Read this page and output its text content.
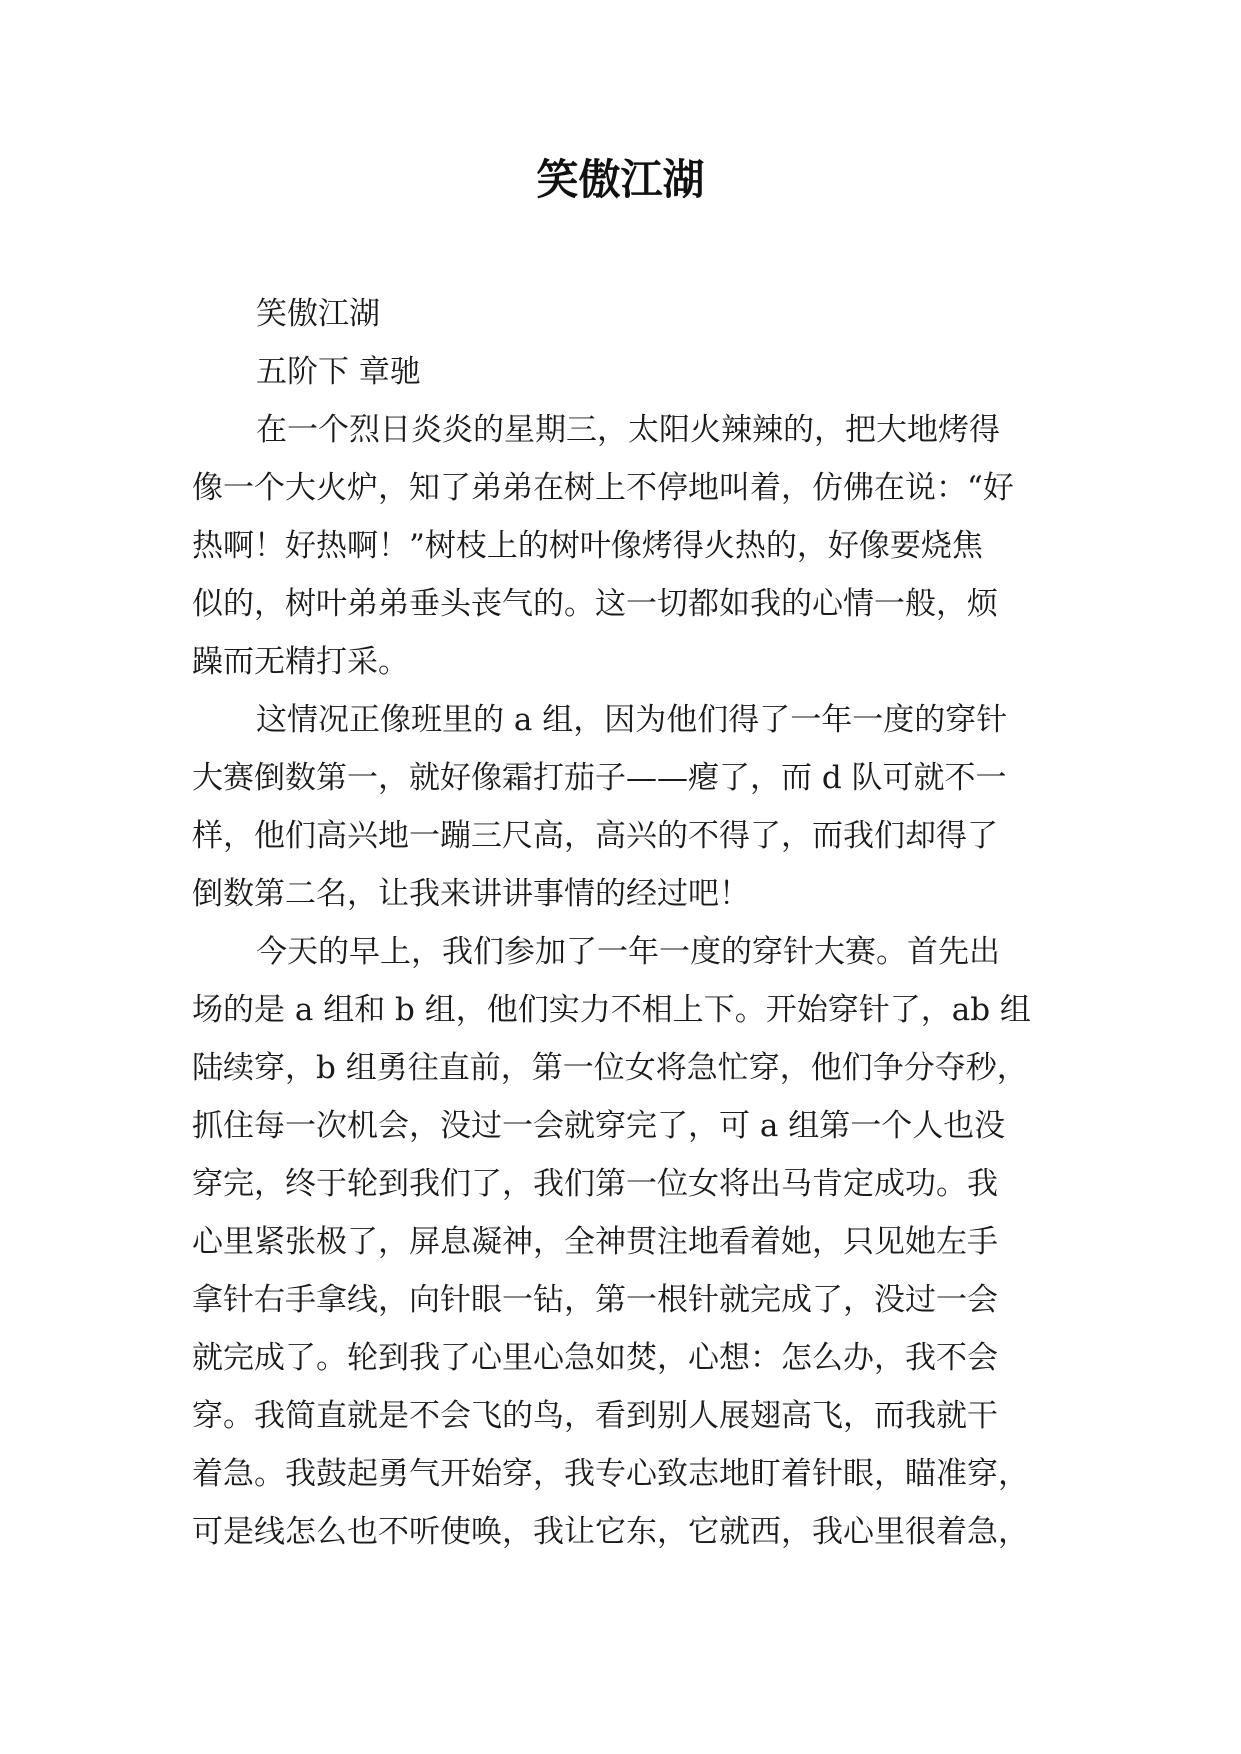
笑傲江湖
笑傲江湖
五阶下 章驰
在一个烈日炎炎的星期三，太阳火辣辣的，把大地烤得
像一个大火炉，知了弟弟在树上不停地叫着，仿佛在说：“好
热啊！好热啊！”树枝上的树叶像烤得火热的，好像要烧焦
似的，树叶弟弟垂头丧气的。这一切都如我的心情一般，烦
躁而无精打采。
这情况正像班里的 a 组，因为他们得了一年一度的穿针
大赛倒数第一，就好像霜打茄子——瘪了，而 d 队可就不一
样，他们高兴地一蹦三尺高，高兴的不得了，而我们却得了
倒数第二名，让我来讲讲事情的经过吧！
今天的早上，我们参加了一年一度的穿针大赛。首先出
场的是 a 组和 b 组，他们实力不相上下。开始穿针了，ab 组
陆续穿，b 组勇往直前，第一位女将急忙穿，他们争分夺秒，
抓住每一次机会，没过一会就穿完了，可 a 组第一个人也没
穿完，终于轮到我们了，我们第一位女将出马肯定成功。我
心里紧张极了，屏息凝神，全神贯注地看着她，只见她左手
拿针右手拿线，向针眼一钻，第一根针就完成了，没过一会
就完成了。轮到我了心里心急如焚，心想：怎么办，我不会
穿。我简直就是不会飞的鸟，看到别人展翅高飞，而我就干
着急。我鼓起勇气开始穿，我专心致志地盯着针眼，瞄准穿，
可是线怎么也不听使唤，我让它东，它就西，我心里很着急，
